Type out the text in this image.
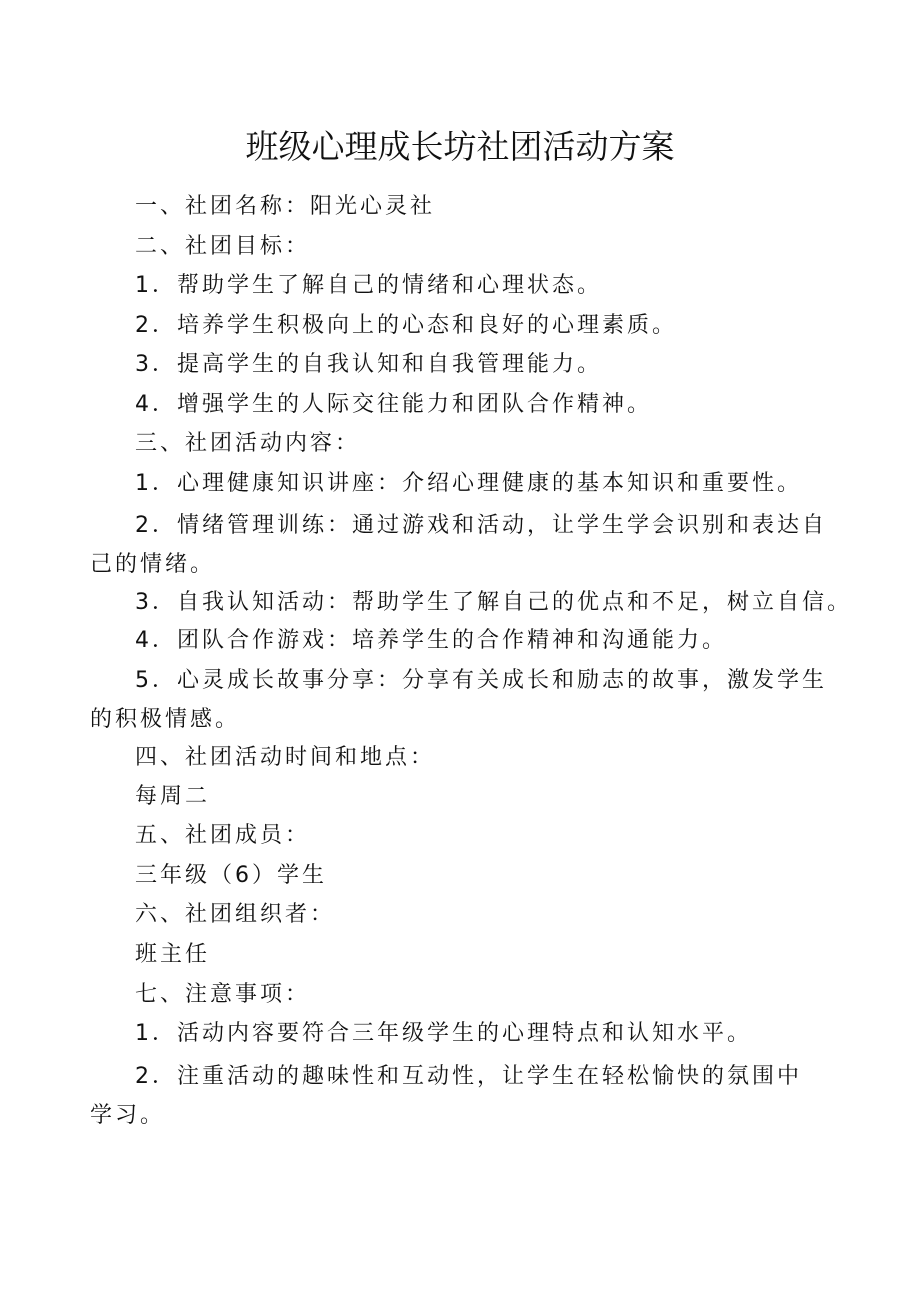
班级心理成长坊社团活动方案

一、社团名称：阳光心灵社

二、社团目标：

1．帮助学生了解自己的情绪和心理状态。

2．培养学生积极向上的心态和良好的心理素质。

3．提高学生的自我认知和自我管理能力。

4．增强学生的人际交往能力和团队合作精神。

三、社团活动内容：

1．心理健康知识讲座：介绍心理健康的基本知识和重要性。

2．情绪管理训练：通过游戏和活动，让学生学会识别和表达自己的情绪。

3．自我认知活动：帮助学生了解自己的优点和不足，树立自信。

4．团队合作游戏：培养学生的合作精神和沟通能力。

5．心灵成长故事分享：分享有关成长和励志的故事，激发学生的积极情感。

四、社团活动时间和地点：

每周二

五、社团成员：

三年级（6）学生

六、社团组织者：

班主任

七、注意事项：

1．活动内容要符合三年级学生的心理特点和认知水平。

2．注重活动的趣味性和互动性，让学生在轻松愉快的氛围中学习。
